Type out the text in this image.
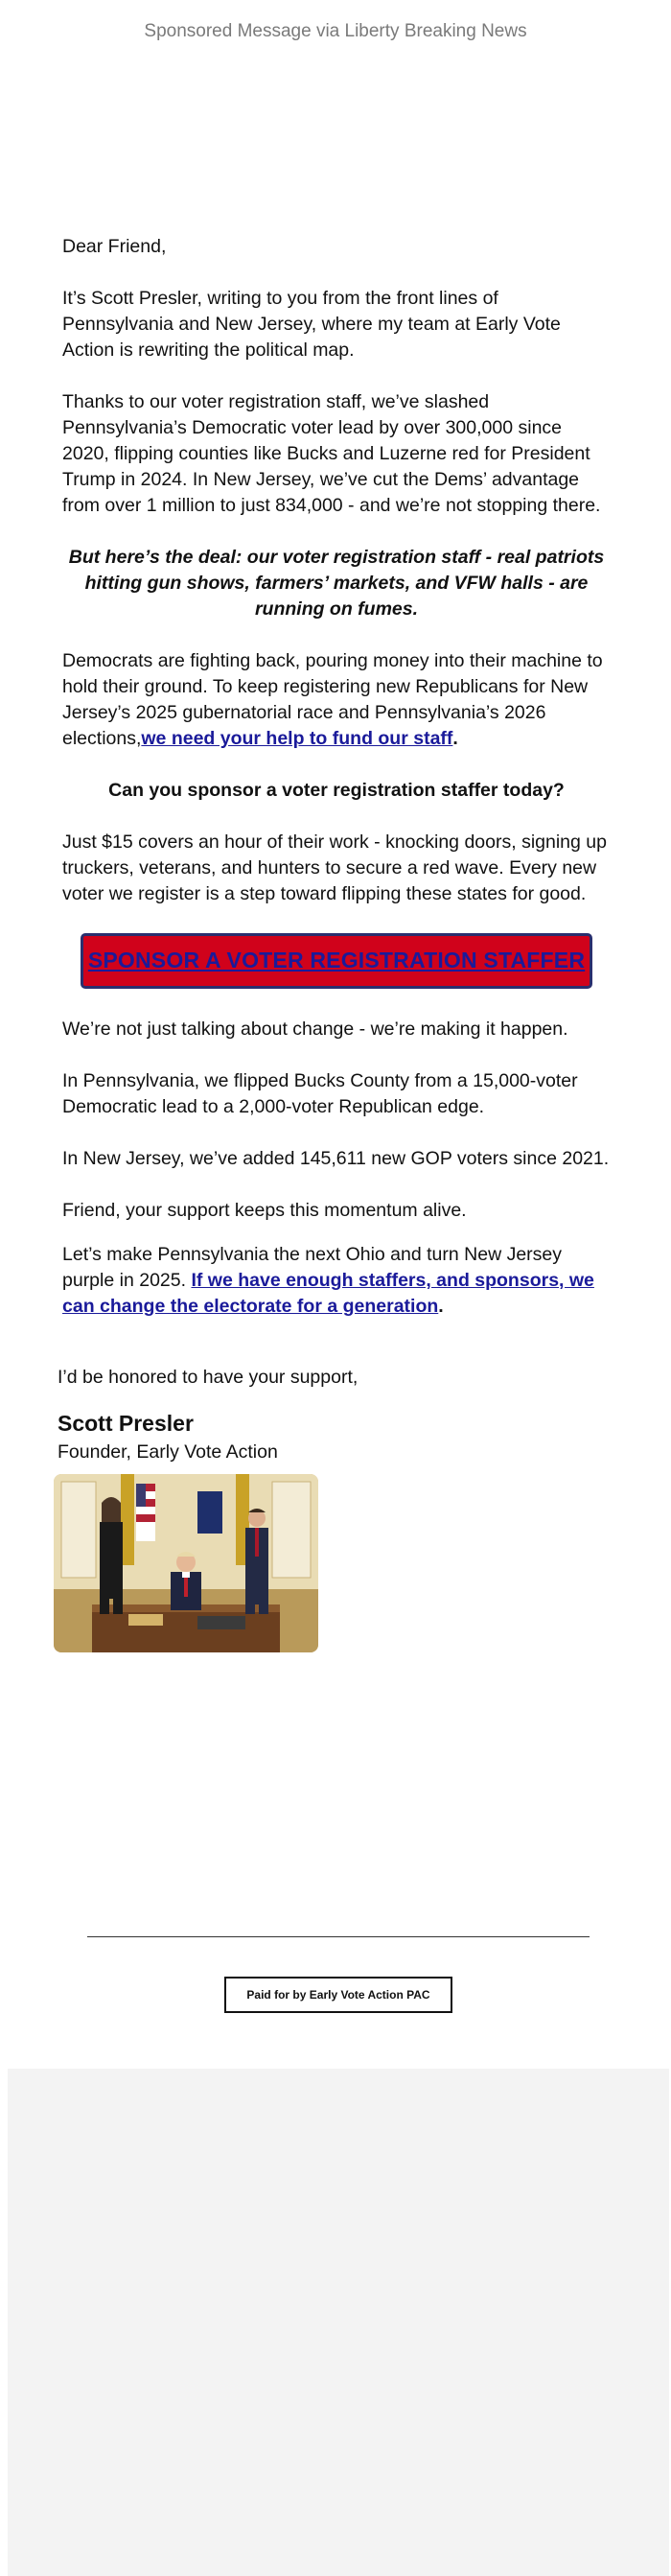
Sponsored Message via Liberty Breaking News

Dear Friend,

It’s Scott Presler, writing to you from the front lines of Pennsylvania and New Jersey, where my team at Early Vote Action is rewriting the political map.

Thanks to our voter registration staff, we’ve slashed Pennsylvania’s Democratic voter lead by over 300,000 since 2020, flipping counties like Bucks and Luzerne red for President Trump in 2024. In New Jersey, we’ve cut the Dems’ advantage from over 1 million to just 834,000 - and we’re not stopping there.

But here’s the deal: our voter registration staff - real patriots hitting gun shows, farmers’ markets, and VFW halls - are running on fumes.

Democrats are fighting back, pouring money into their machine to hold their ground. To keep registering new Republicans for New Jersey’s 2025 gubernatorial race and Pennsylvania’s 2026 elections,we need your help to fund our staff.

Can you sponsor a voter registration staffer today?

Just $15 covers an hour of their work - knocking doors, signing up truckers, veterans, and hunters to secure a red wave. Every new voter we register is a step toward flipping these states for good.

SPONSOR A VOTER REGISTRATION STAFFER

We’re not just talking about change - we’re making it happen.

In Pennsylvania, we flipped Bucks County from a 15,000-voter Democratic lead to a 2,000-voter Republican edge.

In New Jersey, we’ve added 145,611 new GOP voters since 2021.

Friend, your support keeps this momentum alive.

Let’s make Pennsylvania the next Ohio and turn New Jersey purple in 2025. If we have enough staffers, and sponsors, we can change the electorate for a generation.

I’d be honored to have your support,
Scott Presler
Founder, Early Vote Action
Paid for by Early Vote Action PAC
